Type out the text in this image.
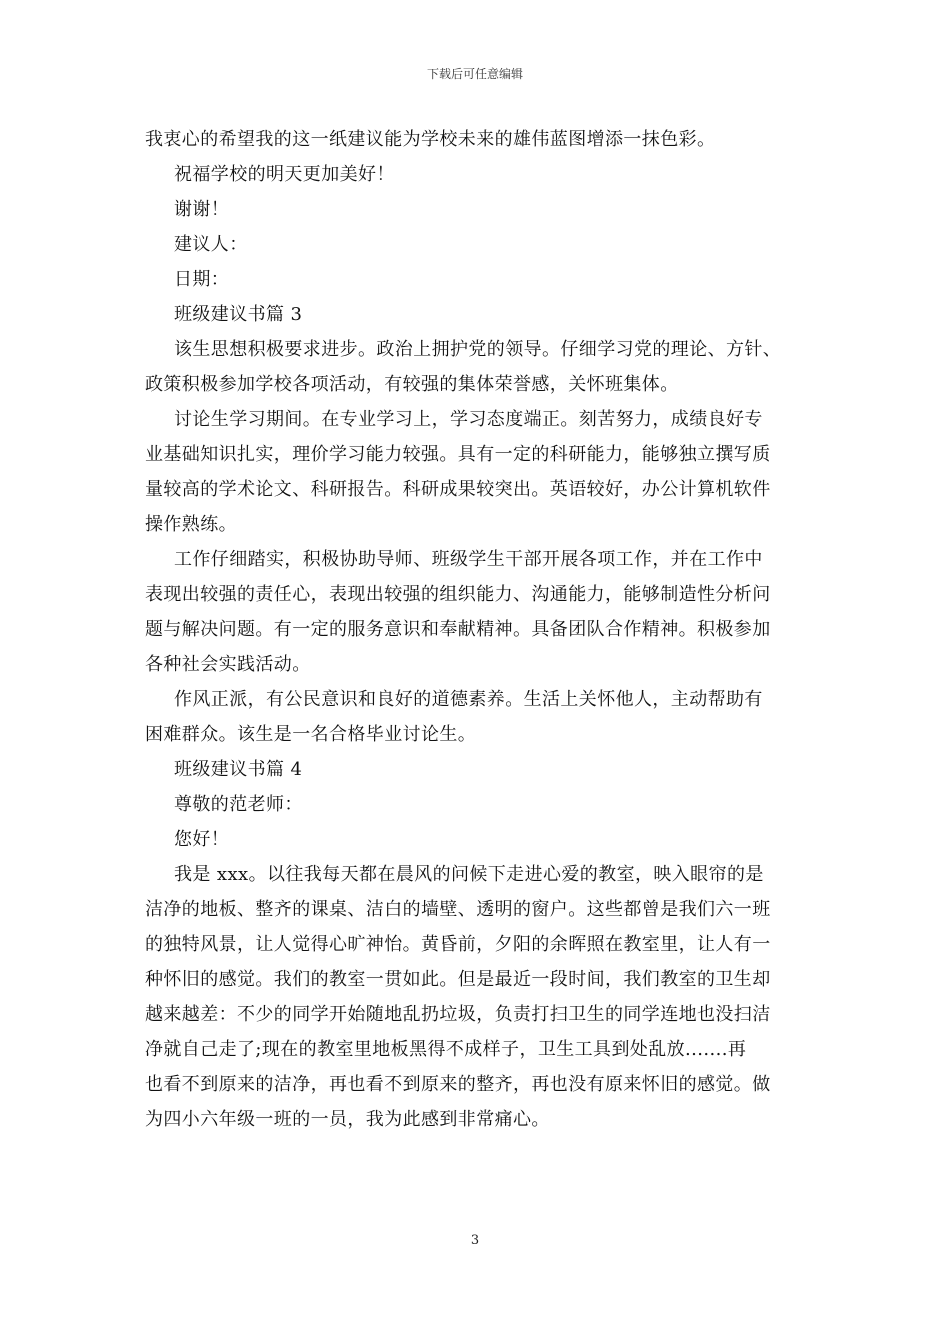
下载后可任意编辑

我衷心的希望我的这一纸建议能为学校未来的雄伟蓝图增添一抹色彩。

祝福学校的明天更加美好！

谢谢！

建议人：

日期：

班级建议书篇 3

该生思想积极要求进步。政治上拥护党的领导。仔细学习党的理论、方针、

政策积极参加学校各项活动，有较强的集体荣誉感，关怀班集体。

讨论生学习期间。在专业学习上，学习态度端正。刻苦努力，成绩良好专

业基础知识扎实，理价学习能力较强。具有一定的科研能力，能够独立撰写质

量较高的学术论文、科研报告。科研成果较突出。英语较好，办公计算机软件

操作熟练。

工作仔细踏实，积极协助导师、班级学生干部开展各项工作，并在工作中

表现出较强的责任心，表现出较强的组织能力、沟通能力，能够制造性分析问

题与解决问题。有一定的服务意识和奉献精神。具备团队合作精神。积极参加

各种社会实践活动。

作风正派，有公民意识和良好的道德素养。生活上关怀他人，主动帮助有

困难群众。该生是一名合格毕业讨论生。

班级建议书篇 4

尊敬的范老师：

您好！

我是 xxx。以往我每天都在晨风的问候下走进心爱的教室，映入眼帘的是

洁净的地板、整齐的课桌、洁白的墙壁、透明的窗户。这些都曾是我们六一班

的独特风景，让人觉得心旷神怡。黄昏前，夕阳的余晖照在教室里，让人有一

种怀旧的感觉。我们的教室一贯如此。但是最近一段时间，我们教室的卫生却

越来越差：不少的同学开始随地乱扔垃圾，负责打扫卫生的同学连地也没扫洁

净就自己走了;现在的教室里地板黑得不成样子，卫生工具到处乱放.......再

也看不到原来的洁净，再也看不到原来的整齐，再也没有原来怀旧的感觉。做

为四小六年级一班的一员，我为此感到非常痛心。

3
